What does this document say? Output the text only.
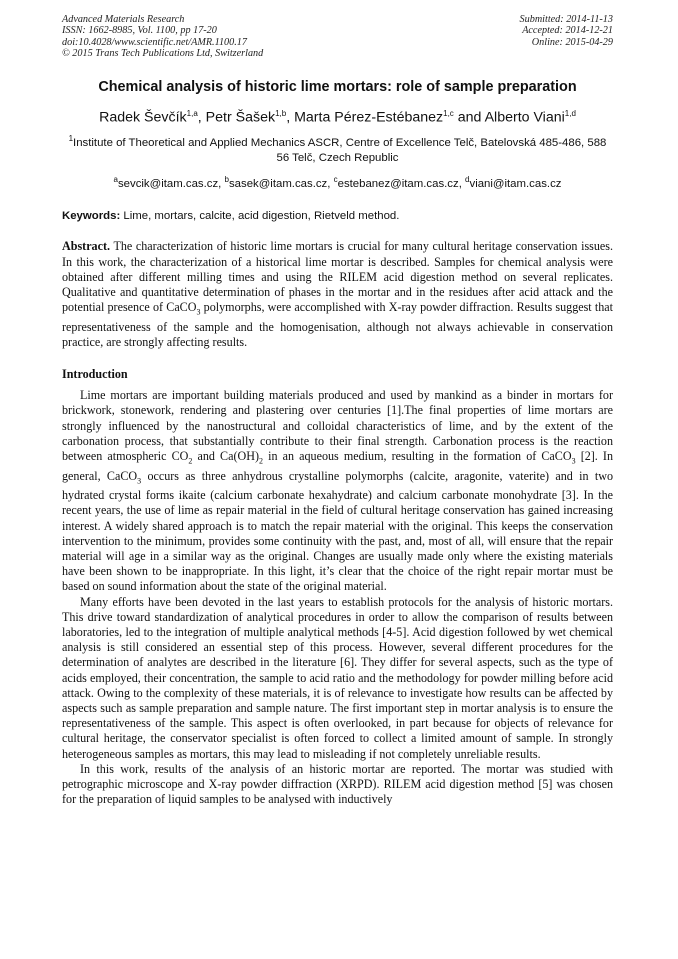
Advanced Materials Research
ISSN: 1662-8985, Vol. 1100, pp 17-20
doi:10.4028/www.scientific.net/AMR.1100.17
© 2015 Trans Tech Publications Ltd, Switzerland
Submitted: 2014-11-13
Accepted: 2014-12-21
Online: 2015-04-29
Chemical analysis of historic lime mortars: role of sample preparation
Radek Ševčík$^{1,a}$, Petr Šašek$^{1,b}$, Marta Pérez-Estébanez$^{1,c}$ and Alberto Viani$^{1,d}$
$^1$Institute of Theoretical and Applied Mechanics ASCR, Centre of Excellence Telč, Batelovská 485-486, 588 56 Telč, Czech Republic
$^a$sevcik@itam.cas.cz, $^b$sasek@itam.cas.cz, $^c$estebanez@itam.cas.cz, $^d$viani@itam.cas.cz
Keywords: Lime, mortars, calcite, acid digestion, Rietveld method.
Abstract. The characterization of historic lime mortars is crucial for many cultural heritage conservation issues. In this work, the characterization of a historical lime mortar is described. Samples for chemical analysis were obtained after different milling times and using the RILEM acid digestion method on several replicates. Qualitative and quantitative determination of phases in the mortar and in the residues after acid attack and the potential presence of CaCO$_3$ polymorphs, were accomplished with X-ray powder diffraction. Results suggest that representativeness of the sample and the homogenisation, although not always achievable in conservation practice, are strongly affecting results.
Introduction

Lime mortars are important building materials produced and used by mankind as a binder in mortars for brickwork, stonework, rendering and plastering over centuries [1].The final properties of lime mortars are strongly influenced by the nanostructural and colloidal characteristics of lime, and by the extent of the carbonation process, that substantially contribute to their final strength. Carbonation process is the reaction between atmospheric $CO_2$ and $Ca(OH)_2$ in an aqueous medium, resulting in the formation of CaCO$_3$ [2]. In general, CaCO$_3$ occurs as three anhydrous crystalline polymorphs (calcite, aragonite, vaterite) and in two hydrated crystal forms ikaite (calcium carbonate hexahydrate) and calcium carbonate monohydrate [3]. In the recent years, the use of lime as repair material in the field of cultural heritage conservation has gained increasing interest. A widely shared approach is to match the repair material with the original. This keeps the conservation intervention to the minimum, provides some continuity with the past, and, most of all, will ensure that the repair material will age in a similar way as the original. Changes are usually made only where the existing materials have been shown to be inappropriate. In this light, it’s clear that the choice of the right repair mortar must be based on sound information about the state of the original material.

Many efforts have been devoted in the last years to establish protocols for the analysis of historic mortars. This drive toward standardization of analytical procedures in order to allow the comparison of results between laboratories, led to the integration of multiple analytical methods [4-5]. Acid digestion followed by wet chemical analysis is still considered an essential step of this process. However, several different procedures for the determination of analytes are described in the literature [6]. They differ for several aspects, such as the type of acids employed, their concentration, the sample to acid ratio and the methodology for powder milling before acid attack. Owing to the complexity of these materials, it is of relevance to investigate how results can be affected by aspects such as sample preparation and sample nature. The first important step in mortar analysis is to ensure the representativeness of the sample. This aspect is often overlooked, in part because for objects of relevance for cultural heritage, the conservator specialist is often forced to collect a limited amount of sample. In strongly heterogeneous samples as mortars, this may lead to misleading if not completely unreliable results.

In this work, results of the analysis of an historic mortar are reported. The mortar was studied with petrographic microscope and X-ray powder diffraction (XRPD). RILEM acid digestion method [5] was chosen for the preparation of liquid samples to be analysed with inductively
